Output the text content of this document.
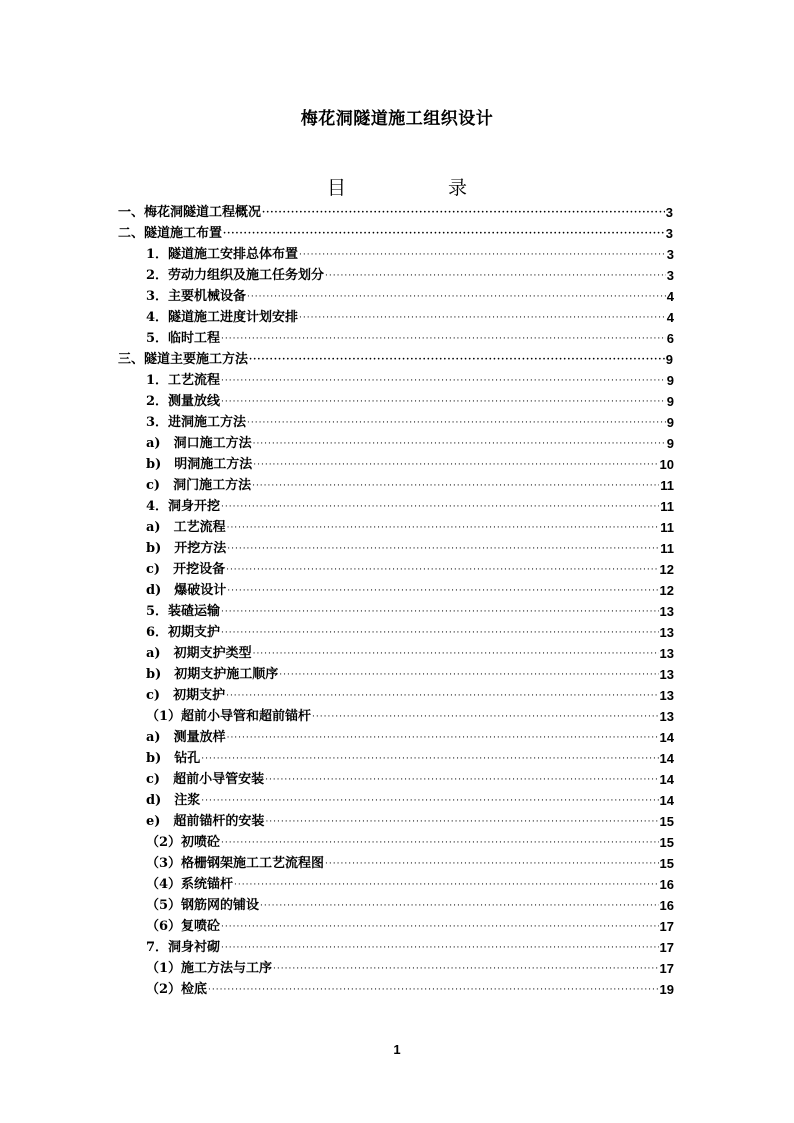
梅花洞隧道施工组织设计
目 录
一、梅花洞隧道工程概况 ·····	3
二、隧道施工布置 ·····	3
1．隧道施工安排总体布置 ·····	3
2．劳动力组织及施工任务划分 ·····	3
3．主要机械设备 ·····	4
4．隧道施工进度计划安排 ·····	4
5．临时工程 ·····	6
三、隧道主要施工方法 ·····	9
1．工艺流程 ·····	9
2．测量放线 ·····	9
3．进洞施工方法 ·····	9
a)　洞口施工方法 ·····	9
b)　明洞施工方法 ·····	10
c)　洞门施工方法 ·····	11
4．洞身开挖 ·····	11
a)　工艺流程 ·····	11
b)　开挖方法 ·····	11
c)　开挖设备 ·····	12
d)　爆破设计 ·····	12
5．装碴运输 ·····	13
6．初期支护 ·····	13
a)　初期支护类型 ·····	13
b)　初期支护施工顺序 ·····	13
c)　初期支护 ·····	13
（1）超前小导管和超前锚杆 ·····	13
a)　测量放样 ·····	14
b)　钻孔 ·····	14
c)　超前小导管安装 ·····	14
d)　注浆 ·····	14
e)　超前锚杆的安装 ·····	15
（2）初喷砼 ·····	15
（3）格栅钢架施工工艺流程图 ·····	15
（4）系统锚杆 ·····	16
（5）钢筋网的铺设 ·····	16
（6）复喷砼 ·····	17
7．洞身衬砌 ·····	17
（1）施工方法与工序 ·····	17
（2）检底 ·····	19
1
